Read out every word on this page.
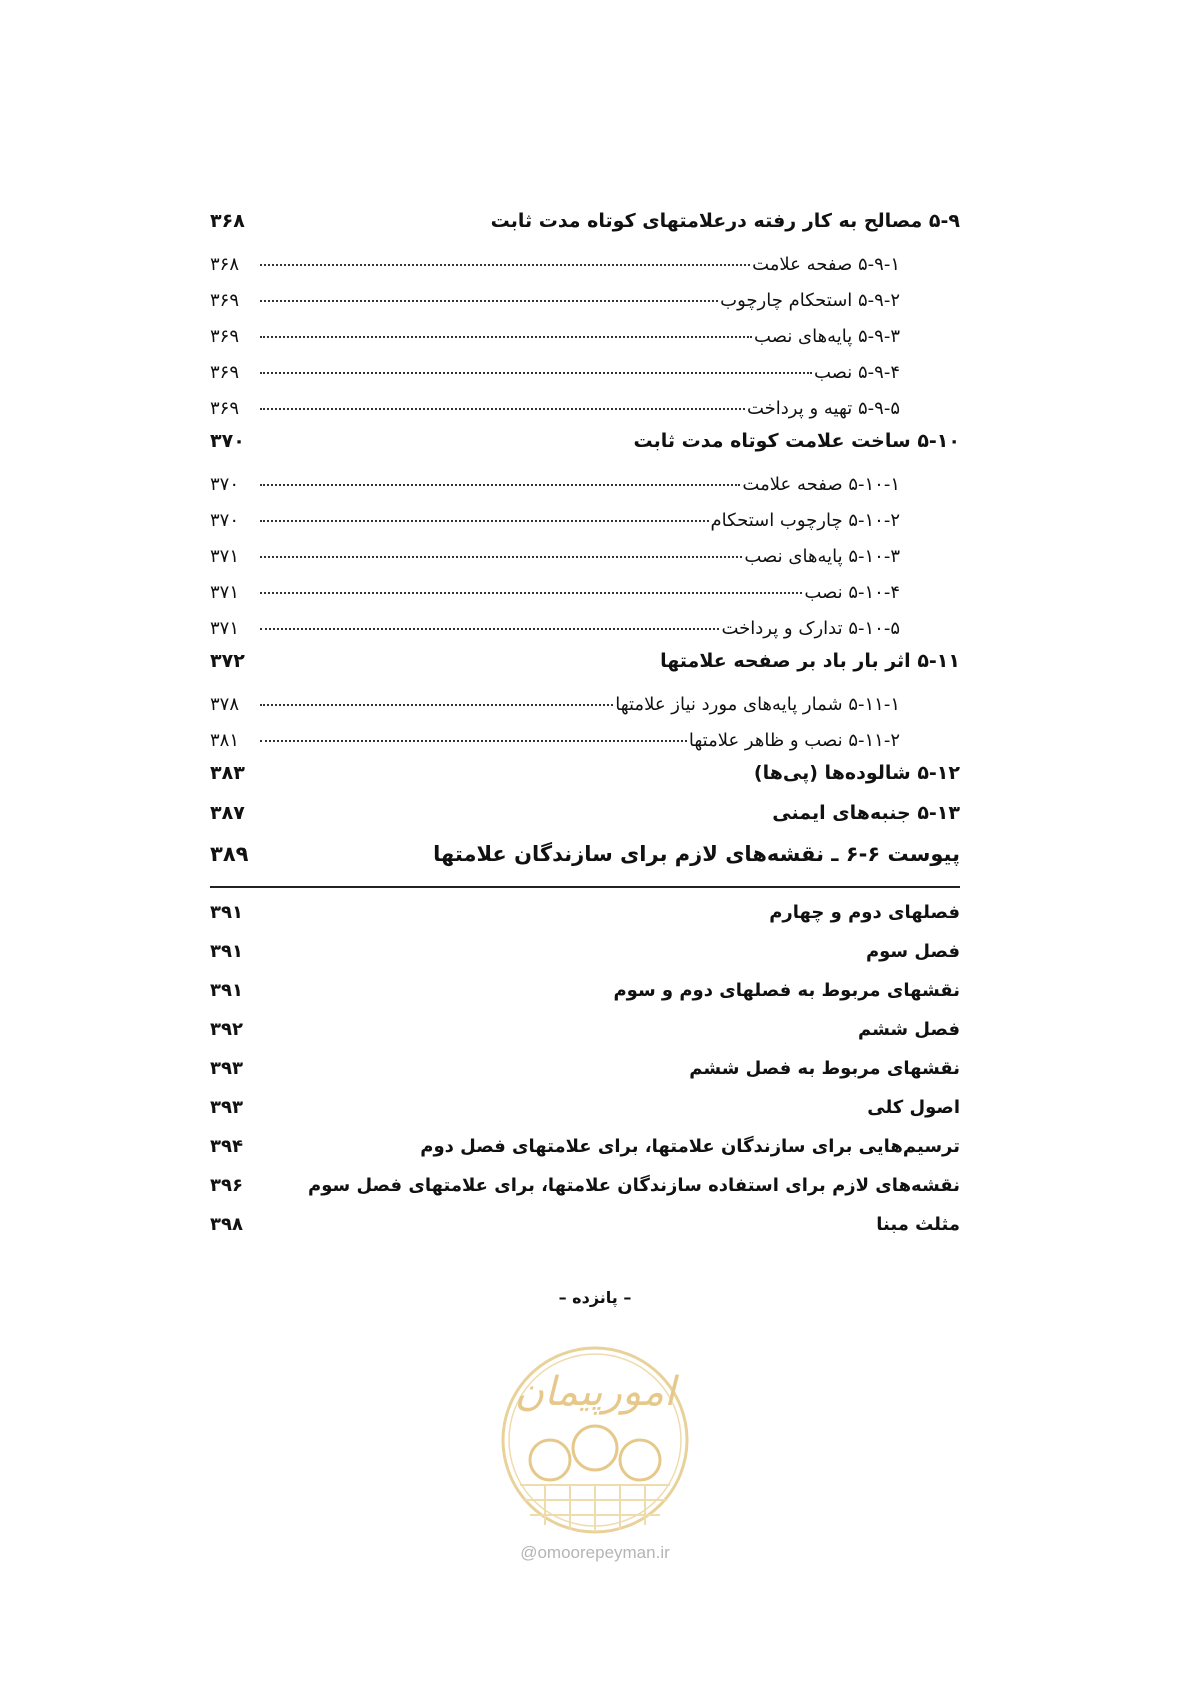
۵-۹ مصالح به کار رفته درعلامتهای کوتاه مدت ثابت
۳۶۸
۵-۹-۱ صفحه علامت
۳۶۸
۵-۹-۲ استحکام چارچوب
۳۶۹
۵-۹-۳ پایه‌های نصب
۳۶۹
۵-۹-۴ نصب
۳۶۹
۵-۹-۵ تهیه و پرداخت
۳۶۹
۵-۱۰ ساخت علامت کوتاه مدت ثابت
۳۷۰
۵-۱۰-۱ صفحه علامت
۳۷۰
۵-۱۰-۲ چارچوب استحکام
۳۷۰
۵-۱۰-۳ پایه‌های نصب
۳۷۱
۵-۱۰-۴ نصب
۳۷۱
۵-۱۰-۵ تدارک و پرداخت
۳۷۱
۵-۱۱ اثر بار باد بر صفحه علامتها
۳۷۲
۵-۱۱-۱ شمار پایه‌های مورد نیاز علامتها
۳۷۸
۵-۱۱-۲ نصب و ظاهر علامتها
۳۸۱
۵-۱۲ شالوده‌ها (پی‌ها)
۳۸۳
۵-۱۳ جنبه‌های ایمنی
۳۸۷
پیوست ۶-۶ ـ نقشه‌های لازم برای سازندگان علامتها
۳۸۹
فصلهای دوم و چهارم
۳۹۱
فصل سوم
۳۹۱
نقشهای مربوط به فصلهای دوم و سوم
۳۹۱
فصل ششم
۳۹۲
نقشهای مربوط به فصل ششم
۳۹۳
اصول کلی
۳۹۳
ترسیم‌هایی برای سازندگان علامتها، برای علامتهای فصل دوم
۳۹۴
نقشه‌های لازم برای استفاده سازندگان علامتها، برای علامتهای فصل سوم
۳۹۶
مثلث مبنا
۳۹۸
– پانزده –
امورپیمان
@omoorepeyman.ir
